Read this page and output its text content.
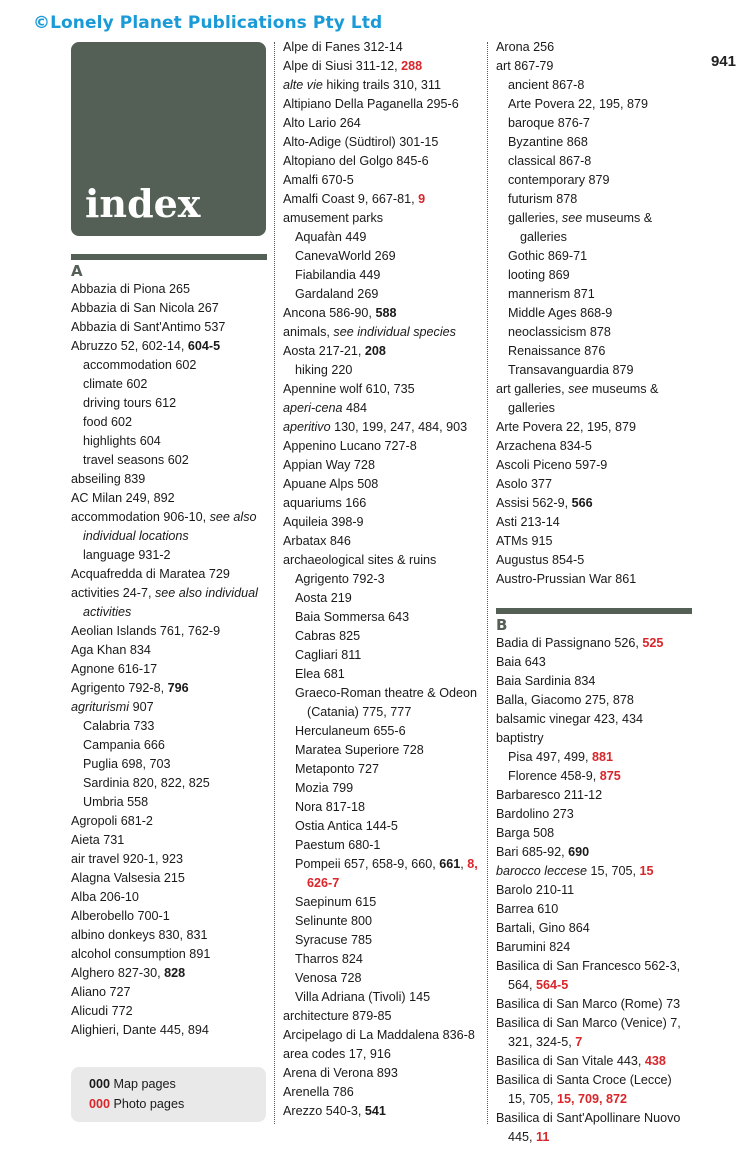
©Lonely Planet Publications Pty Ltd
941
index
A
Abbazia di Piona 265
Abbazia di San Nicola 267
Abbazia di Sant'Antimo 537
Abruzzo 52, 602-14, 604-5
accommodation 602
climate 602
driving tours 612
food 602
highlights 604
travel seasons 602
abseiling 839
AC Milan 249, 892
accommodation 906-10, see also individual locations
language 931-2
Acquafredda di Maratea 729
activities 24-7, see also individual activities
Aeolian Islands 761, 762-9
Aga Khan 834
Agnone 616-17
Agrigento 792-8, 796
agriturismi 907
Calabria 733
Campania 666
Puglia 698, 703
Sardinia 820, 822, 825
Umbria 558
Agropoli 681-2
Aieta 731
air travel 920-1, 923
Alagna Valsesia 215
Alba 206-10
Alberobello 700-1
albino donkeys 830, 831
alcohol consumption 891
Alghero 827-30, 828
Aliano 727
Alicudi 772
Alighieri, Dante 445, 894
Alpe di Fanes 312-14
Alpe di Siusi 311-12, 288
alte vie hiking trails 310, 311
Altipiano Della Paganella 295-6
Alto Lario 264
Alto-Adige (Südtirol) 301-15
Altopiano del Golgo 845-6
Amalfi 670-5
Amalfi Coast 9, 667-81, 9
amusement parks
Aquafàn 449
CanevaWorld 269
Fiabilandia 449
Gardaland 269
Ancona 586-90, 588
animals, see individual species
Aosta 217-21, 208
hiking 220
Apennine wolf 610, 735
aperi-cena 484
aperitivo 130, 199, 247, 484, 903
Appenino Lucano 727-8
Appian Way 728
Apuane Alps 508
aquariums 166
Aquileia 398-9
Arbatax 846
archaeological sites & ruins
Agrigento 792-3
Aosta 219
Baia Sommersa 643
Cabras 825
Cagliari 811
Elea 681
Graeco-Roman theatre & Odeon (Catania) 775, 777
Herculaneum 655-6
Maratea Superiore 728
Metaponto 727
Mozia 799
Nora 817-18
Ostia Antica 144-5
Paestum 680-1
Pompeii 657, 658-9, 660, 661, 8, 626-7
Saepinum 615
Selinunte 800
Syracuse 785
Tharros 824
Venosa 728
Villa Adriana (Tivoli) 145
architecture 879-85
Arcipelago di La Maddalena 836-8
area codes 17, 916
Arena di Verona 893
Arenella 786
Arezzo 540-3, 541
Arona 256
art 867-79
ancient 867-8
Arte Povera 22, 195, 879
baroque 876-7
Byzantine 868
classical 867-8
contemporary 879
futurism 878
galleries, see museums & galleries
Gothic 869-71
looting 869
mannerism 871
Middle Ages 868-9
neoclassicism 878
Renaissance 876
Transavanguardia 879
art galleries, see museums & galleries
Arte Povera 22, 195, 879
Arzachena 834-5
Ascoli Piceno 597-9
Asolo 377
Assisi 562-9, 566
Asti 213-14
ATMs 915
Augustus 854-5
Austro-Prussian War 861
B
Badia di Passignano 526, 525
Baia 643
Baia Sardinia 834
Balla, Giacomo 275, 878
balsamic vinegar 423, 434
baptistry
Pisa 497, 499, 881
Florence 458-9, 875
Barbaresco 211-12
Bardolino 273
Barga 508
Bari 685-92, 690
barocco leccese 15, 705, 15
Barolo 210-11
Barrea 610
Bartali, Gino 864
Barumini 824
Basilica di San Francesco 562-3, 564, 564-5
Basilica di San Marco (Rome) 73
Basilica di San Marco (Venice) 7, 321, 324-5, 7
Basilica di San Vitale 443, 438
Basilica di Santa Croce (Lecce) 15, 705, 15, 709, 872
Basilica di Sant'Apollinare Nuovo 445, 11
000 Map pages
000 Photo pages
